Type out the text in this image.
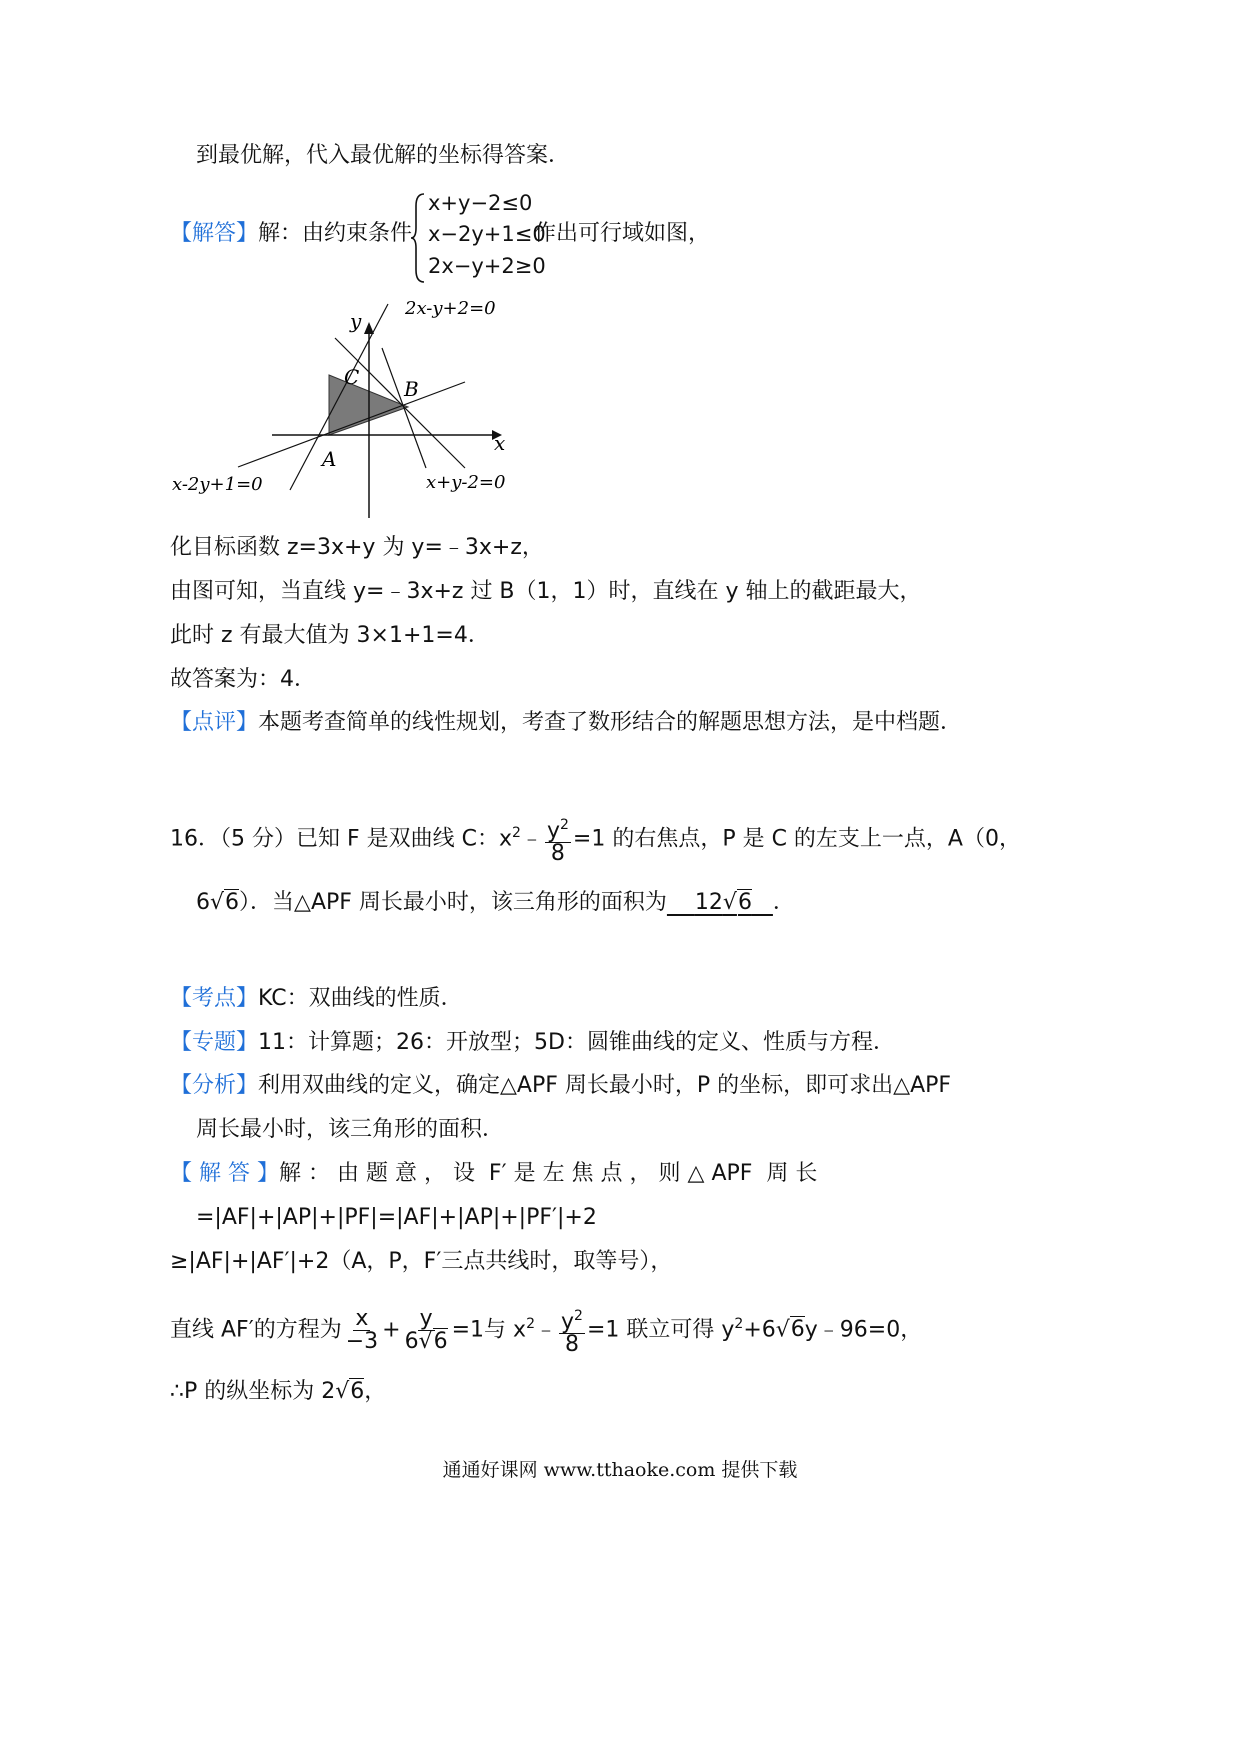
到最优解，代入最优解的坐标得答案．
【解答】解：由约束条件
x+y−2≤0
x−2y+1≤0
2x−y+2≥0
作出可行域如图，
y
x
2x-y+2=0
x-2y+1=0	x+y-2=0
A
B
C
化目标函数 z=3x+y 为 y=﹣3x+z，
由图可知，当直线 y=﹣3x+z 过 B（1，1）时，直线在 y 轴上的截距最大，
此时 z 有最大值为 3×1+1=4．
故答案为：4．
【点评】本题考查简单的线性规划，考查了数形结合的解题思想方法，是中档题．
16．（5 分）已知 F 是双曲线 C：$x^2﹣ \frac{y^2}{8} =1$ 的右焦点，P 是 C 的左支上一点，A（0，
6√6）．当△APF 周长最小时，该三角形的面积为 12√6 ．
【考点】KC：双曲线的性质．
【专题】11：计算题；26：开放型；5D：圆锥曲线的定义、性质与方程．
【分析】利用双曲线的定义，确定△APF 周长最小时，P 的坐标，即可求出△APF
周长最小时，该三角形的面积．
【 解 答 】解 ： 由 题 意 ， 设  F′ 是 左 焦 点 ， 则 △ APF  周 长
=|AF|+|AP|+|PF|=|AF|+|AP|+|PF′|+2
≥|AF|+|AF′|+2（A，P，F′三点共线时，取等号），
直线 AF′的方程为 $\frac{x}{-3} + \frac{y}{6√6} =1$与 $x^2﹣ \frac{y^2}{8} =1$ 联立可得 $y^2+6√6y﹣96=0$，
∴P 的纵坐标为 2√6，
通通好课网 www.tthaoke.com 提供下载
